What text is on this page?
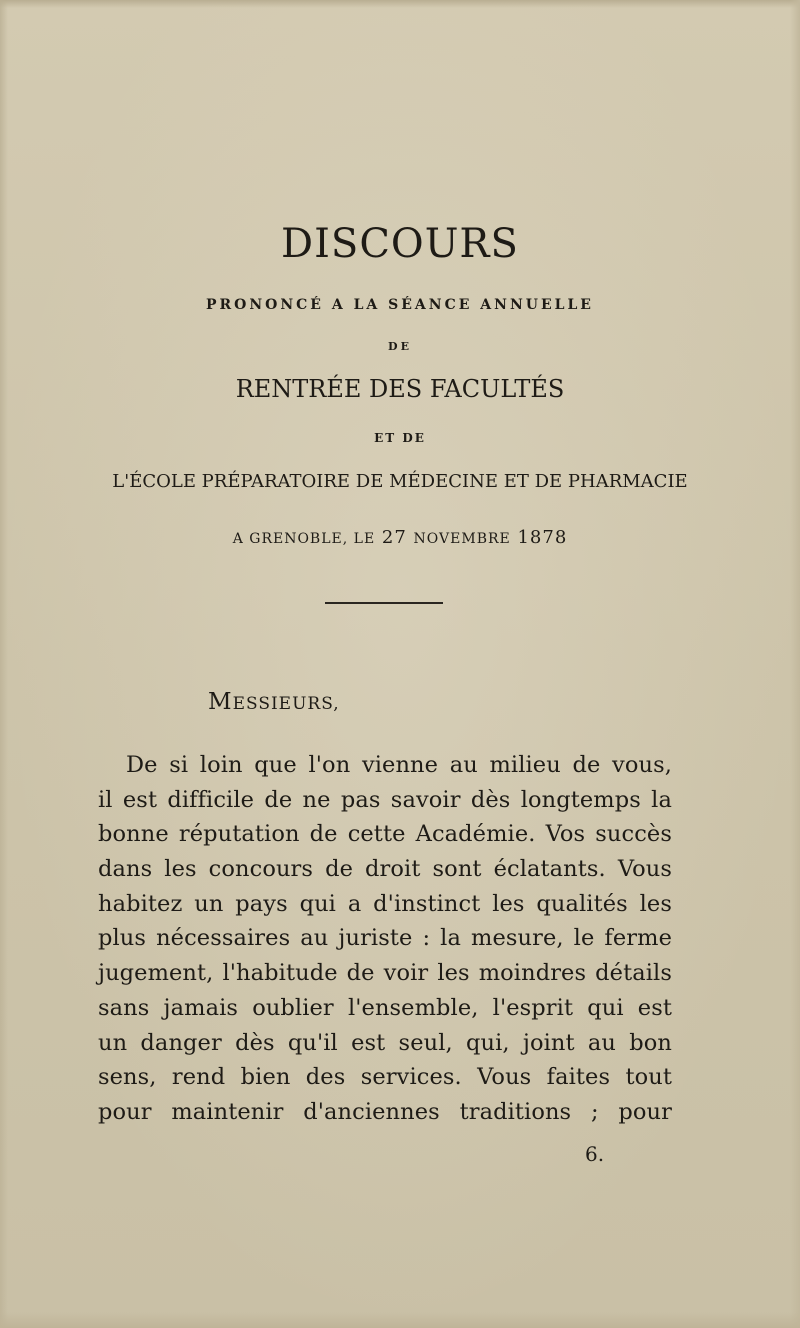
DISCOURS
PRONONCÉ A LA SÉANCE ANNUELLE
DE
RENTRÉE DES FACULTÉS
ET DE
L'ÉCOLE PRÉPARATOIRE DE MÉDECINE ET DE PHARMACIE
A GRENOBLE, LE 27 NOVEMBRE 1878
MESSIEURS,
De si loin que l'on vienne au milieu de vous,
il est difficile de ne pas savoir dès longtemps la
bonne réputation de cette Académie. Vos succès
dans les concours de droit sont éclatants. Vous
habitez un pays qui a d'instinct les qualités les
plus nécessaires au juriste : la mesure, le ferme
jugement, l'habitude de voir les moindres détails
sans jamais oublier l'ensemble, l'esprit qui est
un danger dès qu'il est seul, qui, joint au bon
sens, rend bien des services. Vous faites tout
pour maintenir d'anciennes traditions ; pour
6.
